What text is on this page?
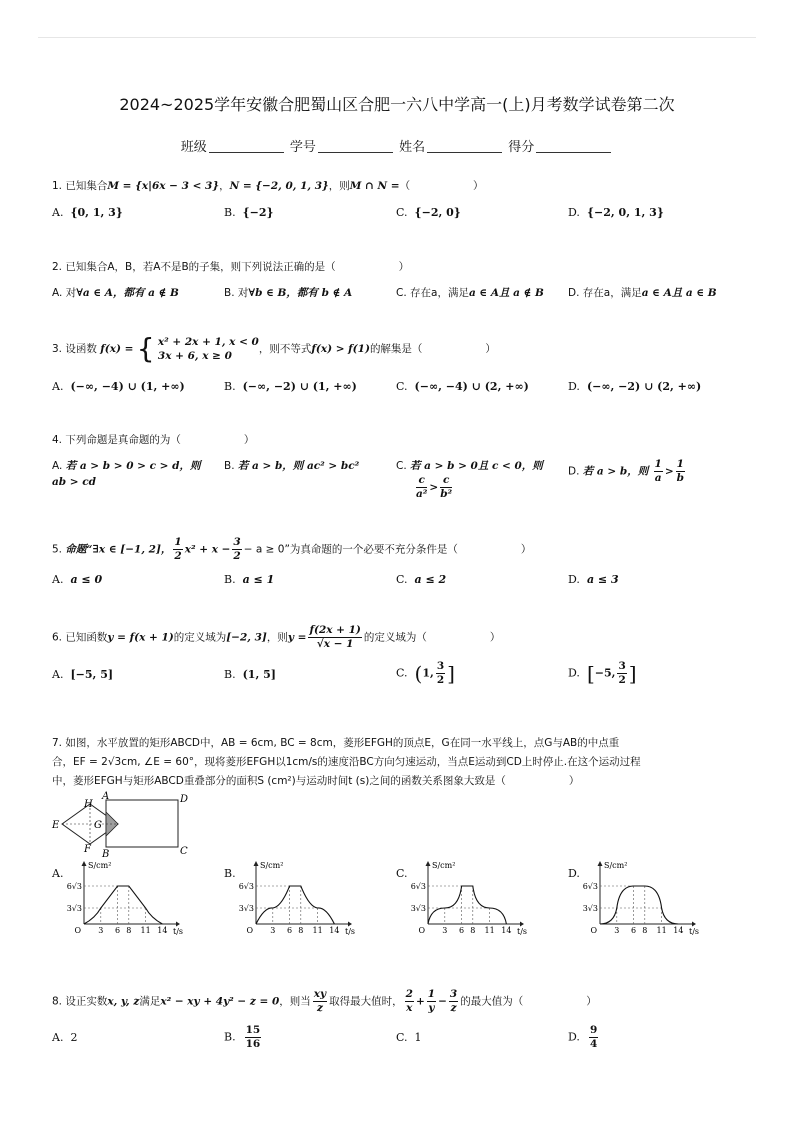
2024~2025学年安徽合肥蜀山区合肥一六八中学高一(上)月考数学试卷第二次
班级	学号	姓名	得分
1. 已知集合M = {x|6x − 3 < 3}，N = {−2, 0, 1, 3}，则M ∩ N =（　　　　　　）
A. {0, 1, 3}	B. {−2}	C. {−2, 0}	D. {−2, 0, 1, 3}
2. 已知集合A，B，若A不是B的子集，则下列说法正确的是（　　　　　　）
A. 对∀a ∈ A，都有 a ∉ B	B. 对∀b ∈ B，都有 b ∉ A	C. 存在a，满足a ∈ A且 a ∉ B D. 存在a，满足a ∈ A且 a ∈ B
3. 设函数 f(x) = { x² + 2x + 1, x < 0
3x + 6, x ≥ 0
，则不等式f(x) > f(1)的解集是（　　　　　　）
A. (−∞, −4) ∪ (1, +∞)	B. (−∞, −2) ∪ (1, +∞)	C. (−∞, −4) ∪ (2, +∞)	D. (−∞, −2) ∪ (2, +∞)
4. 下列命题是真命题的为（　　　　　　）
A. 若 a > b > 0 > c > d，则
ab > cd
B. 若 a > b，则 ac² > bc²	C. 若 a > b > 0且 c < 0，则

$\frac{c}{\text{a²}} > \frac{c}{\text{b²}}$
D. 若 a > b，则 $\frac{1}{a} > \frac{1}{b}$
5. 命题“∃x ∈ [−1, 2]， $\frac{1}{2} x^2 + x - \frac{3}{2} - a \ge 0$”为真命题的一个必要不充分条件是（　　　　　　）
A. a ≤ 0	B. a ≤ 1	C. a ≤ 2	D. a ≤ 3
6. 已知函数y = f(x + 1)的定义域为[−2, 3]，则$y = \frac{f(2x + 1)}{√x - 1}$ 的定义域为（　　　　　　）
A. [−5, 5]	B. (1, 5]	C. (1, $\frac{3}{2}$ ]	D. [−5, $\frac{3}{2}$ ]
7. 如图，水平放置的矩形ABCD中，AB = 6cm, BC = 8cm，菱形EFGH的顶点E，G在同一水平线上，点G与AB的中点重
合，EF = 2√3cm, ∠E = 60°，现将菱形EFGH以1cm/s的速度沿BC方向匀速运动，当点E运动到CD上时停止.在这个运动过程
中，菱形EFGH与矩形ABCD重叠部分的面积S (cm²)与运动时间t (s)之间的函数关系图象大致是（　　　　　　）
H
A	D
E	G
F B	C
A.	B.	C.	D.
S/cm²
6√3
3√3
O 3 6 8 11 14 t/s
S/cm²
6√3
3√3
O 3 6 8 11 14 t/s
S/cm²
6√3
3√3
O 3 6 8 11 14 t/s
S/cm²
6√3
3√3
O 3 6 8 11 14 t/s
8. 设正实数x, y, z满足x² − xy + 4y² − z = 0，则当 $\frac{xy}{z}$ 取得最大值时， $\frac{2}{x} + \frac{1}{y} - \frac{3}{z}$ 的最大值为（　　　　　　）
A. 2	B. $\frac{15}{16}$	C. 1	D. $\frac{9}{4}$
